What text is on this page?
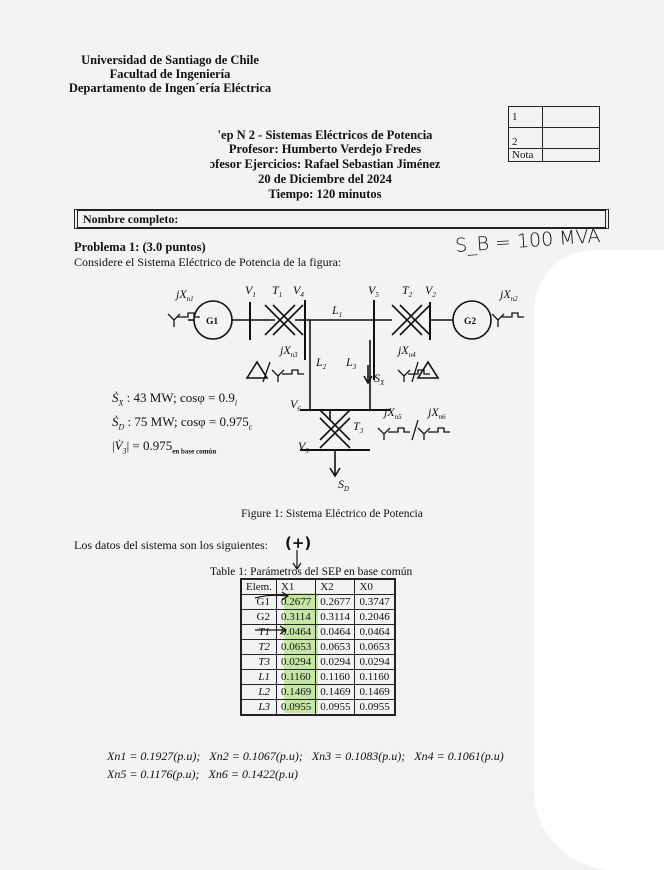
Universidad de Santiago de Chile
Facultad de Ingeniería
Departamento de Ingen´ería Eléctrica
'ep N 2 - Sistemas Eléctricos de Potencia
Profesor: Humberto Verdejo Fredes
ɔfesor Ejercicios: Rafael Sebastian Jiménez
20 de Diciembre del 2024
Tiempo: 120 minutos
1	
2	
Nota	
Nombre completo:
Problema 1: (3.0 puntos)
Considere el Sistema Eléctrico de Potencia de la figura:
S_B = 100 MVA
G1	G2
$jX_{n1}$
$V_1$ $T_1$ $V_4$
$L_1$
$V_5$ $T_2$ $V_2$	$jX_{n2}$
$jX_{n3}$ $L_2$ $L_3$
$jX_{n4}$
$S_X$
$V_6$
$T_3$
$jX_{n5}$ $jX_{n6}$
$V_3$
$S_D$
Ṡ$_X$ : 43 MW; $\cos\varphi = 0.9_i$
Ṡ$_D$ : 75 MW; $\cos\varphi = 0.975_c$
$|V̇_3| = 0.975_{en base común}$
Figure 1: Sistema Eléctrico de Potencia
Los datos del sistema son los siguientes: (+)
Table 1: Parámetros del SEP en base común
Elem.	X1	X2	X0
G1	0.2677	0.2677	0.3747
G2	0.3114	0.3114	0.2046
T1	0.0464	0.0464	0.0464
T2	0.0653	0.0653	0.0653
T3	0.0294	0.0294	0.0294
L1	0.1160	0.1160	0.1160
L2	0.1469	0.1469	0.1469
L3	0.0955	0.0955	0.0955
Xn1 = 0.1927(p.u); Xn2 = 0.1067(p.u); Xn3 = 0.1083(p.u); Xn4 = 0.1061(p.u)
Xn5 = 0.1176(p.u); Xn6 = 0.1422(p.u)
